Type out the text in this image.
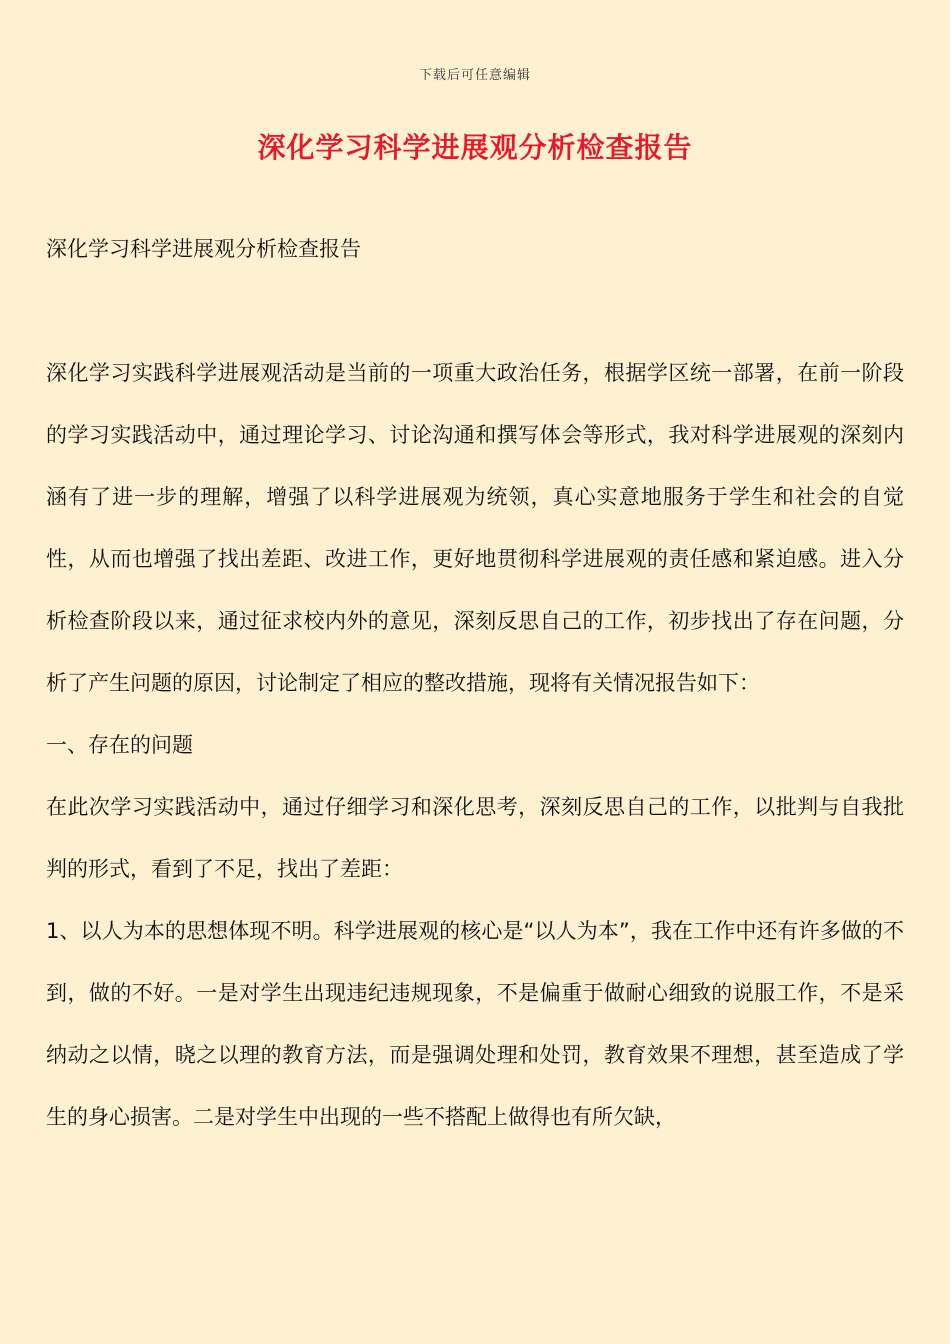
下载后可任意编辑
深化学习科学进展观分析检查报告

深化学习科学进展观分析检查报告

深化学习实践科学进展观活动是当前的一项重大政治任务，根据学区统一部署，在前一阶段的学习实践活动中，通过理论学习、讨论沟通和撰写体会等形式，我对科学进展观的深刻内涵有了进一步的理解，增强了以科学进展观为统领，真心实意地服务于学生和社会的自觉性，从而也增强了找出差距、改进工作，更好地贯彻科学进展观的责任感和紧迫感。进入分析检查阶段以来，通过征求校内外的意见，深刻反思自己的工作，初步找出了存在问题，分析了产生问题的原因，讨论制定了相应的整改措施，现将有关情况报告如下：

一、存在的问题

在此次学习实践活动中，通过仔细学习和深化思考，深刻反思自己的工作，以批判与自我批判的形式，看到了不足，找出了差距：

1、以人为本的思想体现不明。科学进展观的核心是“以人为本”，我在工作中还有许多做的不到，做的不好。一是对学生出现违纪违规现象，不是偏重于做耐心细致的说服工作，不是采纳动之以情，晓之以理的教育方法，而是强调处理和处罚，教育效果不理想，甚至造成了学生的身心损害。二是对学生中出现的一些不搭配上做得也有所欠缺，
